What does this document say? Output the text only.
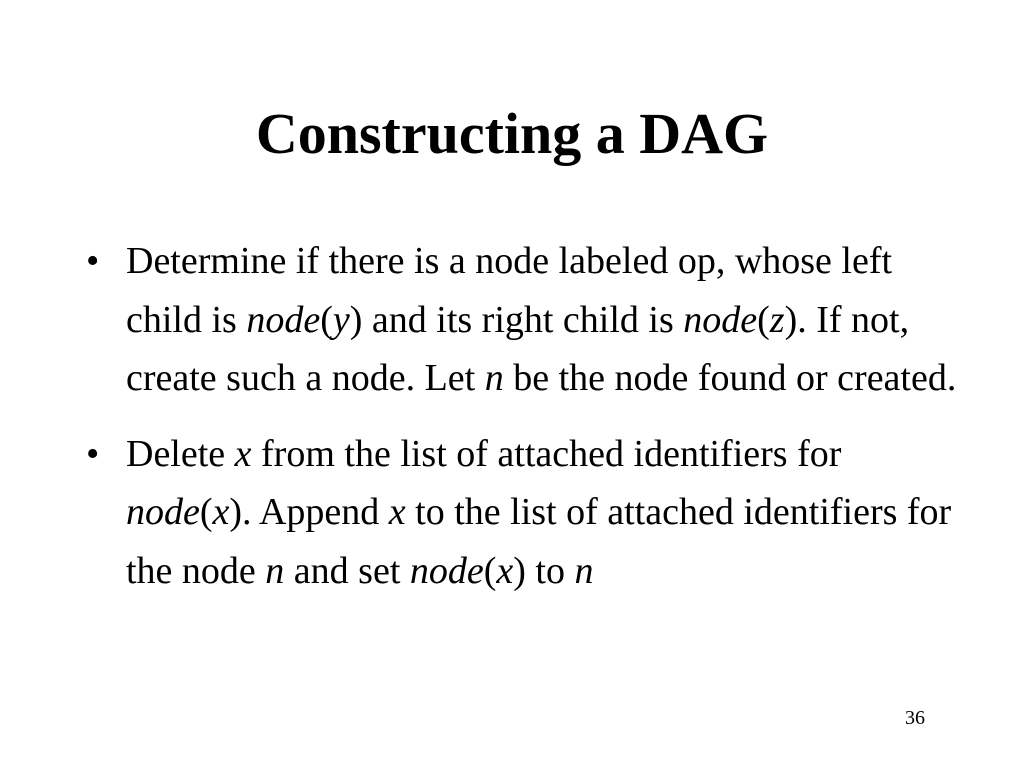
Constructing a DAG
• Determine if there is a node labeled op, whose left child is node(y) and its right child is node(z). If not, create such a node. Let n be the node found or created.
• Delete x from the list of attached identifiers for node(x). Append x to the list of attached identifiers for the node n and set node(x) to n
36
